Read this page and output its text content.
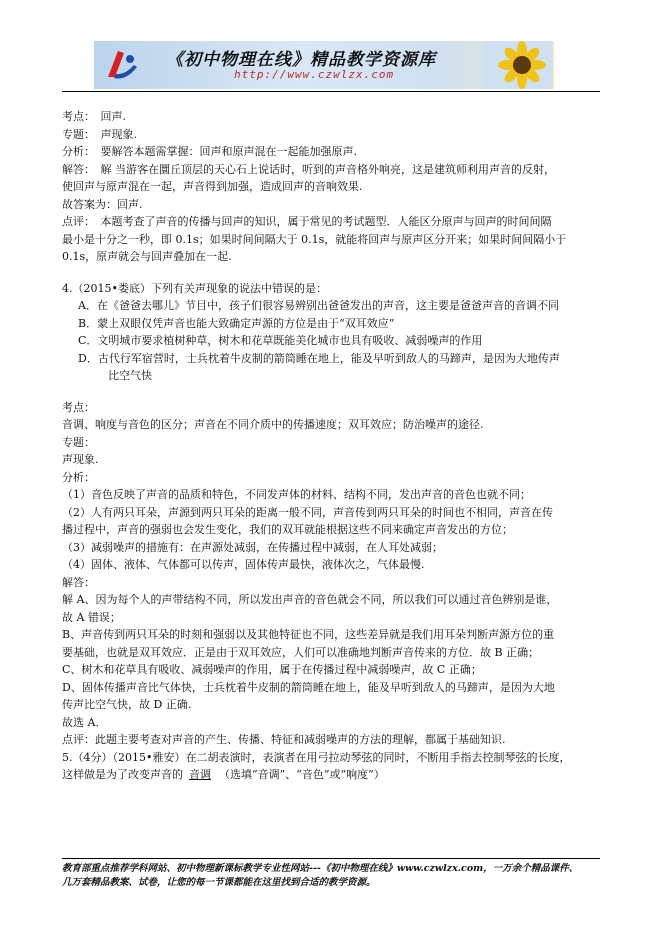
《初中物理在线》精品教学资源库
http://www.czwlzx.com

考点：　回声.

专题：　声现象.

分析：　要解答本题需掌握：回声和原声混在一起能加强原声.

解答：　解 当游客在圜丘顶层的天心石上说话时，听到的声音格外响亮，这是建筑师利用声音的反射，

使回声与原声混在一起，声音得到加强，造成回声的音响效果.

故答案为：回声.

点评：　本题考查了声音的传播与回声的知识，属于常见的考试题型．人能区分原声与回声的时间间隔

最小是十分之一秒，即 0.1s；如果时间间隔大于 0.1s，就能将回声与原声区分开来；如果时间间隔小于

0.1s，原声就会与回声叠加在一起.

4.（2015•娄底）下列有关声现象的说法中错误的是：

A．在《爸爸去哪儿》节目中，孩子们很容易辨别出爸爸发出的声音，这主要是爸爸声音的音调不同

B．蒙上双眼仅凭声音也能大致确定声源的方位是由于“双耳效应”

C．文明城市要求植树种草，树木和花草既能美化城市也具有吸收、减弱噪声的作用

D．古代行军宿营时，士兵枕着牛皮制的箭筒睡在地上，能及早听到敌人的马蹄声，是因为大地传声

比空气快

考点：

音调、响度与音色的区分；声音在不同介质中的传播速度；双耳效应；防治噪声的途径.

专题：

声现象.

分析：

（1）音色反映了声音的品质和特色，不同发声体的材料、结构不同，发出声音的音色也就不同；

（2）人有两只耳朵，声源到两只耳朵的距离一般不同，声音传到两只耳朵的时间也不相同，声音在传

播过程中，声音的强弱也会发生变化，我们的双耳就能根据这些不同来确定声音发出的方位；

（3）减弱噪声的措施有：在声源处减弱，在传播过程中减弱，在人耳处减弱；

（4）固体、液体、气体都可以传声，固体传声最快，液体次之，气体最慢.

解答：

解 A、因为每个人的声带结构不同，所以发出声音的音色就会不同，所以我们可以通过音色辨别是谁，

故 A 错误；

B、声音传到两只耳朵的时刻和强弱以及其他特征也不同，这些差异就是我们用耳朵判断声源方位的重

要基础，也就是双耳效应．正是由于双耳效应，人们可以准确地判断声音传来的方位．故 B 正确；

C、树木和花草具有吸收、减弱噪声的作用，属于在传播过程中减弱噪声，故 C 正确；

D、固体传播声音比气体快，士兵枕着牛皮制的箭筒睡在地上，能及早听到敌人的马蹄声，是因为大地

传声比空气快，故 D 正确.

故选 A．

点评：此题主要考查对声音的产生、传播、特征和减弱噪声的方法的理解，都属于基础知识.

5.（4分）（2015•雅安）在二胡表演时，表演者在用弓拉动琴弦的同时，不断用手指去控制琴弦的长度，

这样做是为了改变声音的 音调 （选填“音调”、“音色”或“响度”）

教育部重点推荐学科网站、初中物理新课标教学专业性网站---《初中物理在线》www.czwlzx.com，一万余个精品课件、
几万套精品教案、试卷，让您的每一节课都能在这里找到合适的教学资源。
